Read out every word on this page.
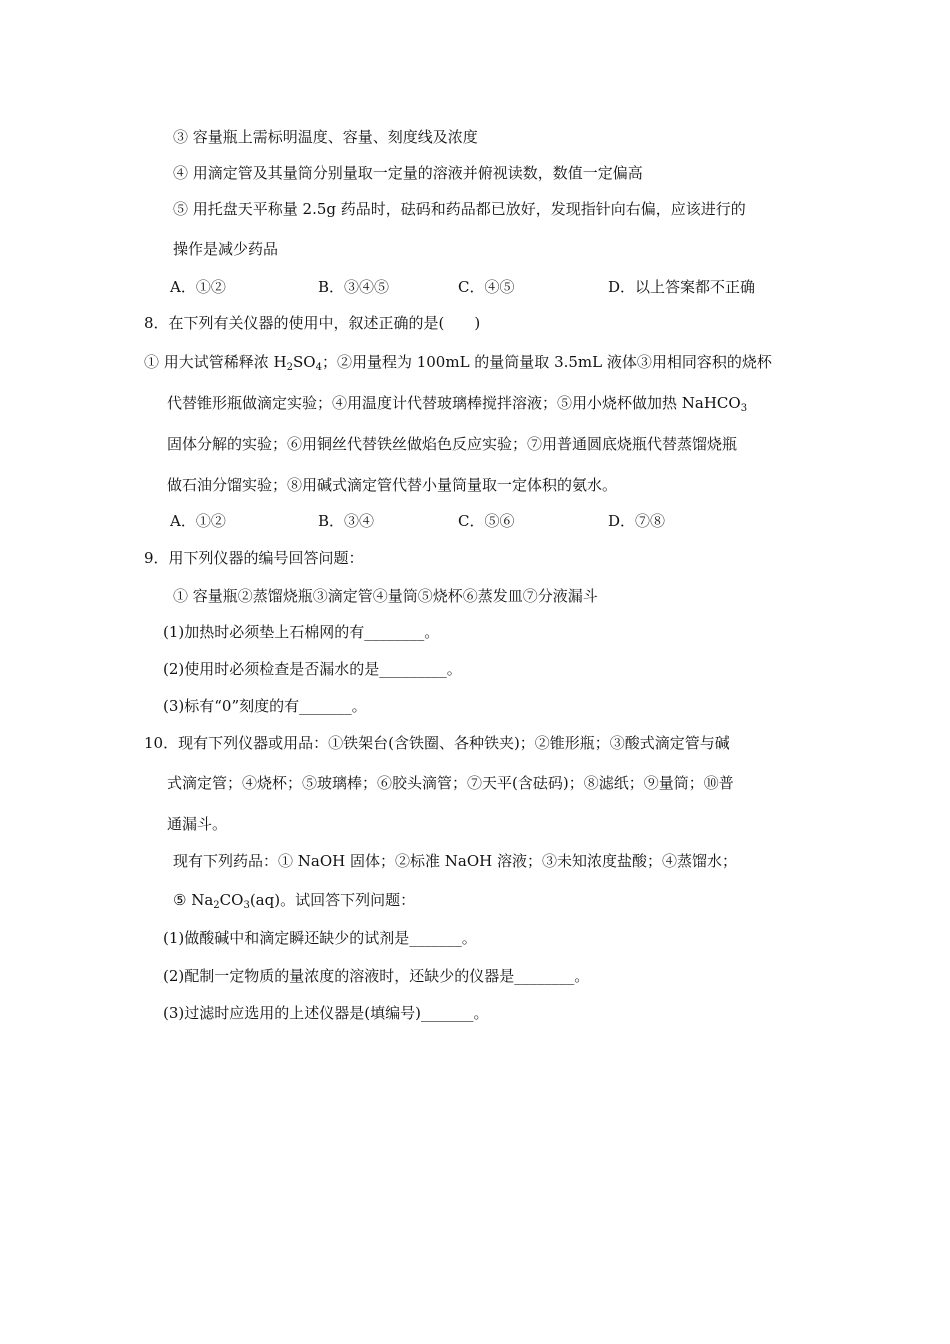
③ 容量瓶上需标明温度、容量、刻度线及浓度
④ 用滴定管及其量筒分别量取一定量的溶液并俯视读数，数值一定偏高
⑤ 用托盘天平称量 2.5g 药品时，砝码和药品都已放好，发现指针向右偏，应该进行的
操作是减少药品
A．①②	B．③④⑤	C．④⑤	D．以上答案都不正确
8．在下列有关仪器的使用中，叙述正确的是(　　)
① 用大试管稀释浓 $H_2SO_4$；②用量程为 100mL 的量筒量取 3.5mL 液体③用相同容积的烧杯
代替锥形瓶做滴定实验；④用温度计代替玻璃棒搅拌溶液；⑤用小烧杯做加热 NaHCO$_3$
固体分解的实验；⑥用铜丝代替铁丝做焰色反应实验；⑦用普通圆底烧瓶代替蒸馏烧瓶
做石油分馏实验；⑧用碱式滴定管代替小量筒量取一定体积的氨水。
A．①②	B．③④	C．⑤⑥	D．⑦⑧
9．用下列仪器的编号回答问题：
① 容量瓶②蒸馏烧瓶③滴定管④量筒⑤烧杯⑥蒸发皿⑦分液漏斗
(1)加热时必须垫上石棉网的有________。
(2)使用时必须检查是否漏水的是_________。
(3)标有“0”刻度的有_______。
10．现有下列仪器或用品：①铁架台(含铁圈、各种铁夹)；②锥形瓶；③酸式滴定管与碱
式滴定管；④烧杯；⑤玻璃棒；⑥胶头滴管；⑦天平(含砝码)；⑧滤纸；⑨量筒；⑩普
通漏斗。
现有下列药品：① NaOH 固体；②标准 NaOH 溶液；③未知浓度盐酸；④蒸馏水；
⑤ $Na_2CO_3(aq)$。试回答下列问题：
(1)做酸碱中和滴定瞬还缺少的试剂是_______。
(2)配制一定物质的量浓度的溶液时，还缺少的仪器是________。
(3)过滤时应选用的上述仪器是(填编号)_______。
